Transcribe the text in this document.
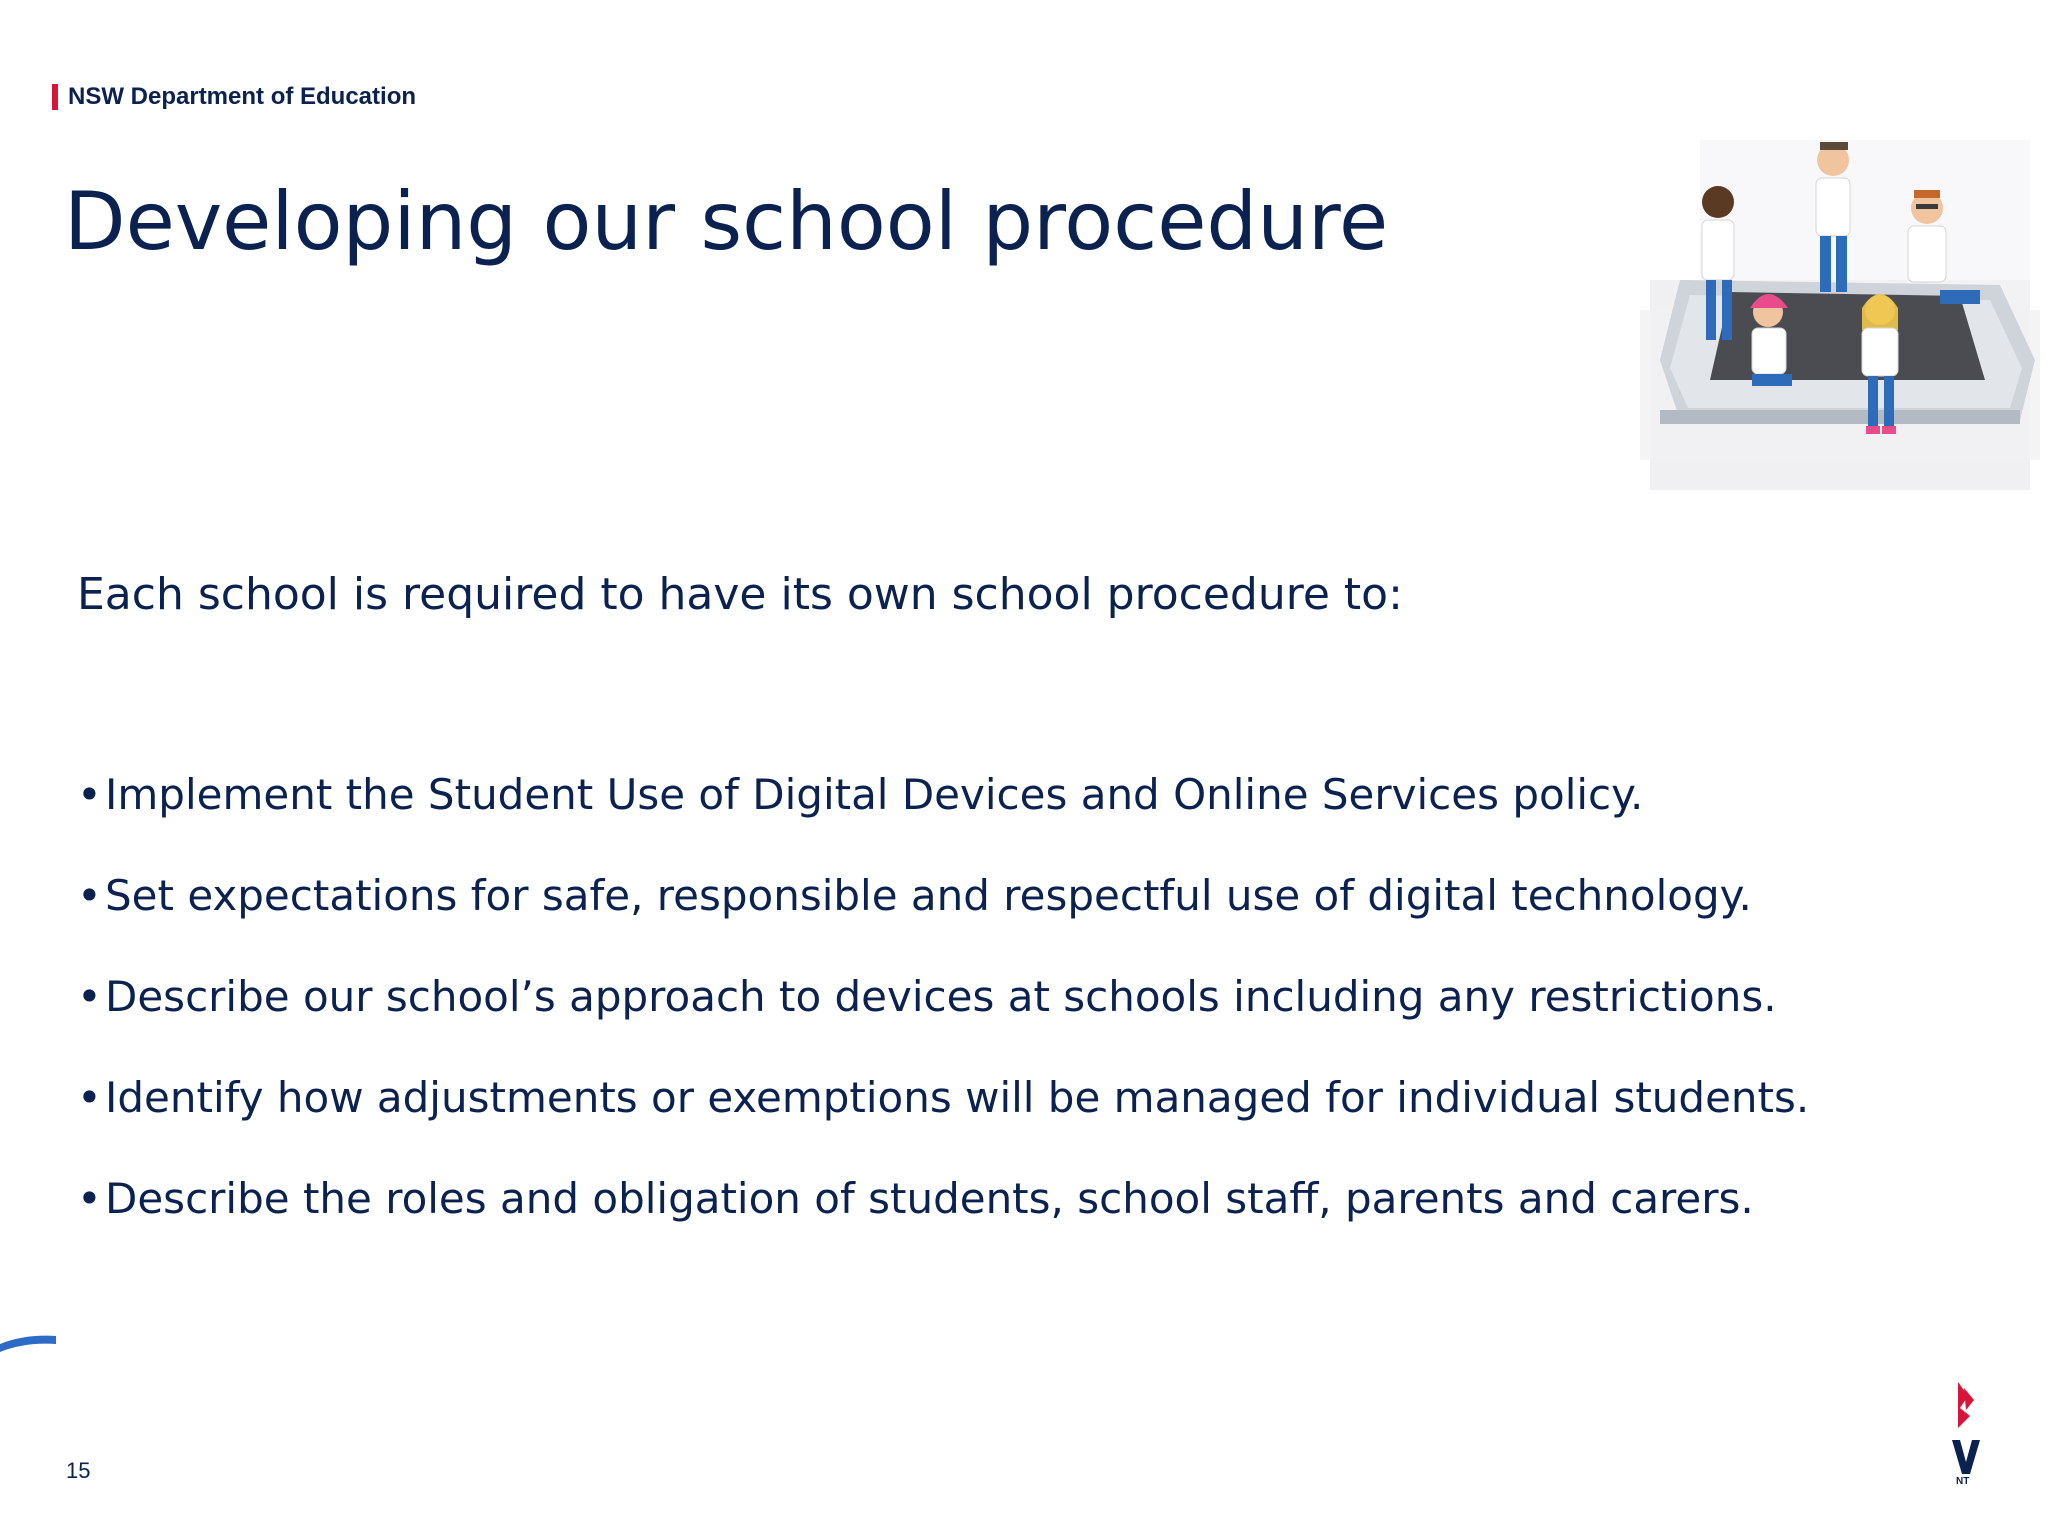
NSW Department of Education
Developing our school procedure
Each school is required to have its own school procedure to:
• Implement the Student Use of Digital Devices and Online Services policy.
• Set expectations for safe, responsible and respectful use of digital technology.
• Describe our school’s approach to devices at schools including any restrictions.
• Identify how adjustments or exemptions will be managed for individual students.
• Describe the roles and obligation of students, school staff, parents and carers.
15	NT
